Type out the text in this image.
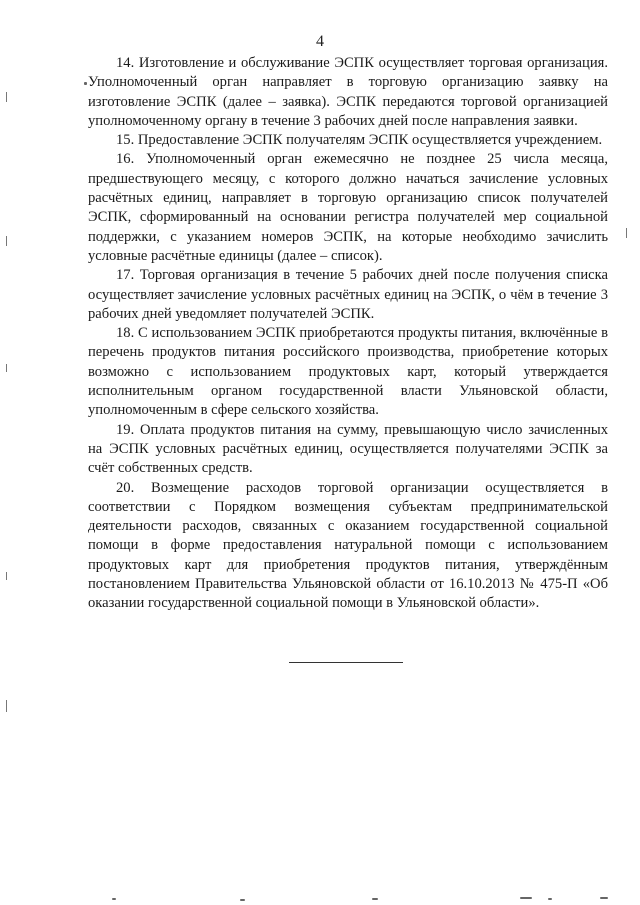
4

14. Изготовление и обслуживание ЭСПК осуществляет торговая организация. Уполномоченный орган направляет в торговую организацию заявку на изготовление ЭСПК (далее – заявка). ЭСПК передаются торговой организацией уполномоченному органу в течение 3 рабочих дней после направления заявки.

15. Предоставление ЭСПК получателям ЭСПК осуществляется учреждением.

16. Уполномоченный орган ежемесячно не позднее 25 числа месяца, предшествующего месяцу, с которого должно начаться зачисление условных расчётных единиц, направляет в торговую организацию список получателей ЭСПК, сформированный на основании регистра получателей мер социальной поддержки, с указанием номеров ЭСПК, на которые необходимо зачислить условные расчётные единицы (далее – список).

17. Торговая организация в течение 5 рабочих дней после получения списка осуществляет зачисление условных расчётных единиц на ЭСПК, о чём в течение 3 рабочих дней уведомляет получателей ЭСПК.

18. С использованием ЭСПК приобретаются продукты питания, включённые в перечень продуктов питания российского производства, приобретение которых возможно с использованием продуктовых карт, который утверждается исполнительным органом государственной власти Ульяновской области, уполномоченным в сфере сельского хозяйства.

19. Оплата продуктов питания на сумму, превышающую число зачисленных на ЭСПК условных расчётных единиц, осуществляется получателями ЭСПК за счёт собственных средств.

20. Возмещение расходов торговой организации осуществляется в соответствии с Порядком возмещения субъектам предпринимательской деятельности расходов, связанных с оказанием государственной социальной помощи в форме предоставления натуральной помощи с использованием продуктовых карт для приобретения продуктов питания, утверждённым постановлением Правительства Ульяновской области от 16.10.2013 № 475-П «Об оказании государственной социальной помощи в Ульяновской области».
